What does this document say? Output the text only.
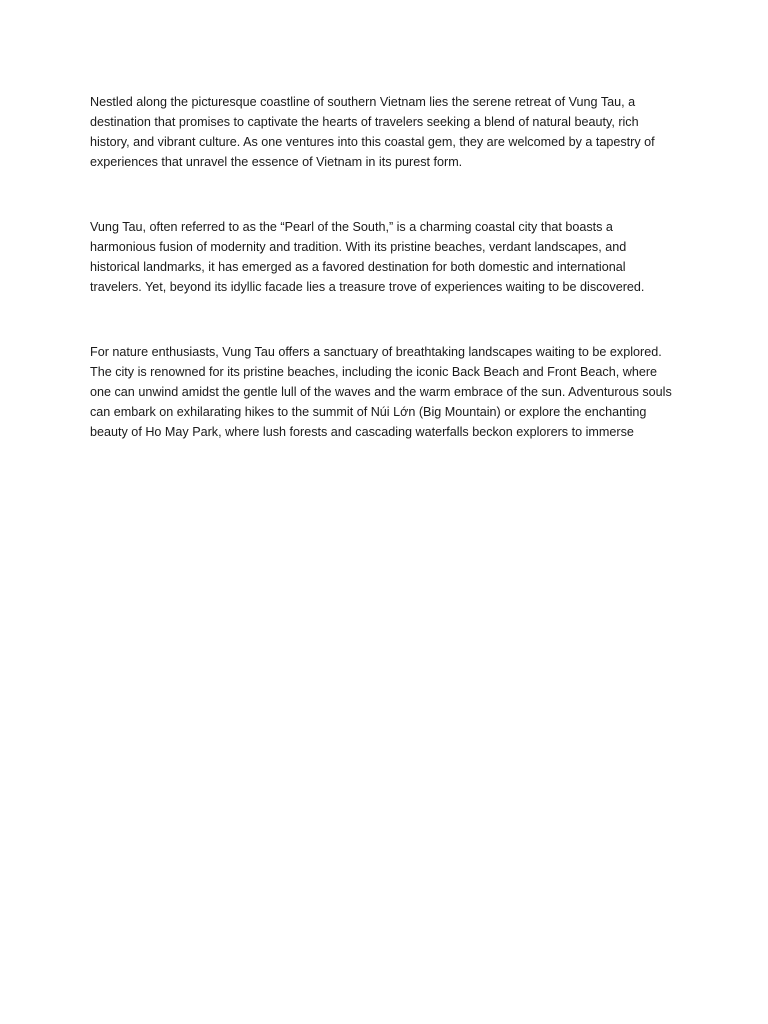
Nestled along the picturesque coastline of southern Vietnam lies the serene retreat of Vung Tau, a
destination that promises to captivate the hearts of travelers seeking a blend of natural beauty, rich
history, and vibrant culture. As one ventures into this coastal gem, they are welcomed by a tapestry of
experiences that unravel the essence of Vietnam in its purest form.

Vung Tau, often referred to as the “Pearl of the South,” is a charming coastal city that boasts a
harmonious fusion of modernity and tradition. With its pristine beaches, verdant landscapes, and
historical landmarks, it has emerged as a favored destination for both domestic and international
travelers. Yet, beyond its idyllic facade lies a treasure trove of experiences waiting to be discovered.

For nature enthusiasts, Vung Tau offers a sanctuary of breathtaking landscapes waiting to be explored.
The city is renowned for its pristine beaches, including the iconic Back Beach and Front Beach, where
one can unwind amidst the gentle lull of the waves and the warm embrace of the sun. Adventurous souls
can embark on exhilarating hikes to the summit of Núi Lớn (Big Mountain) or explore the enchanting
beauty of Ho May Park, where lush forests and cascading waterfalls beckon explorers to immerse
